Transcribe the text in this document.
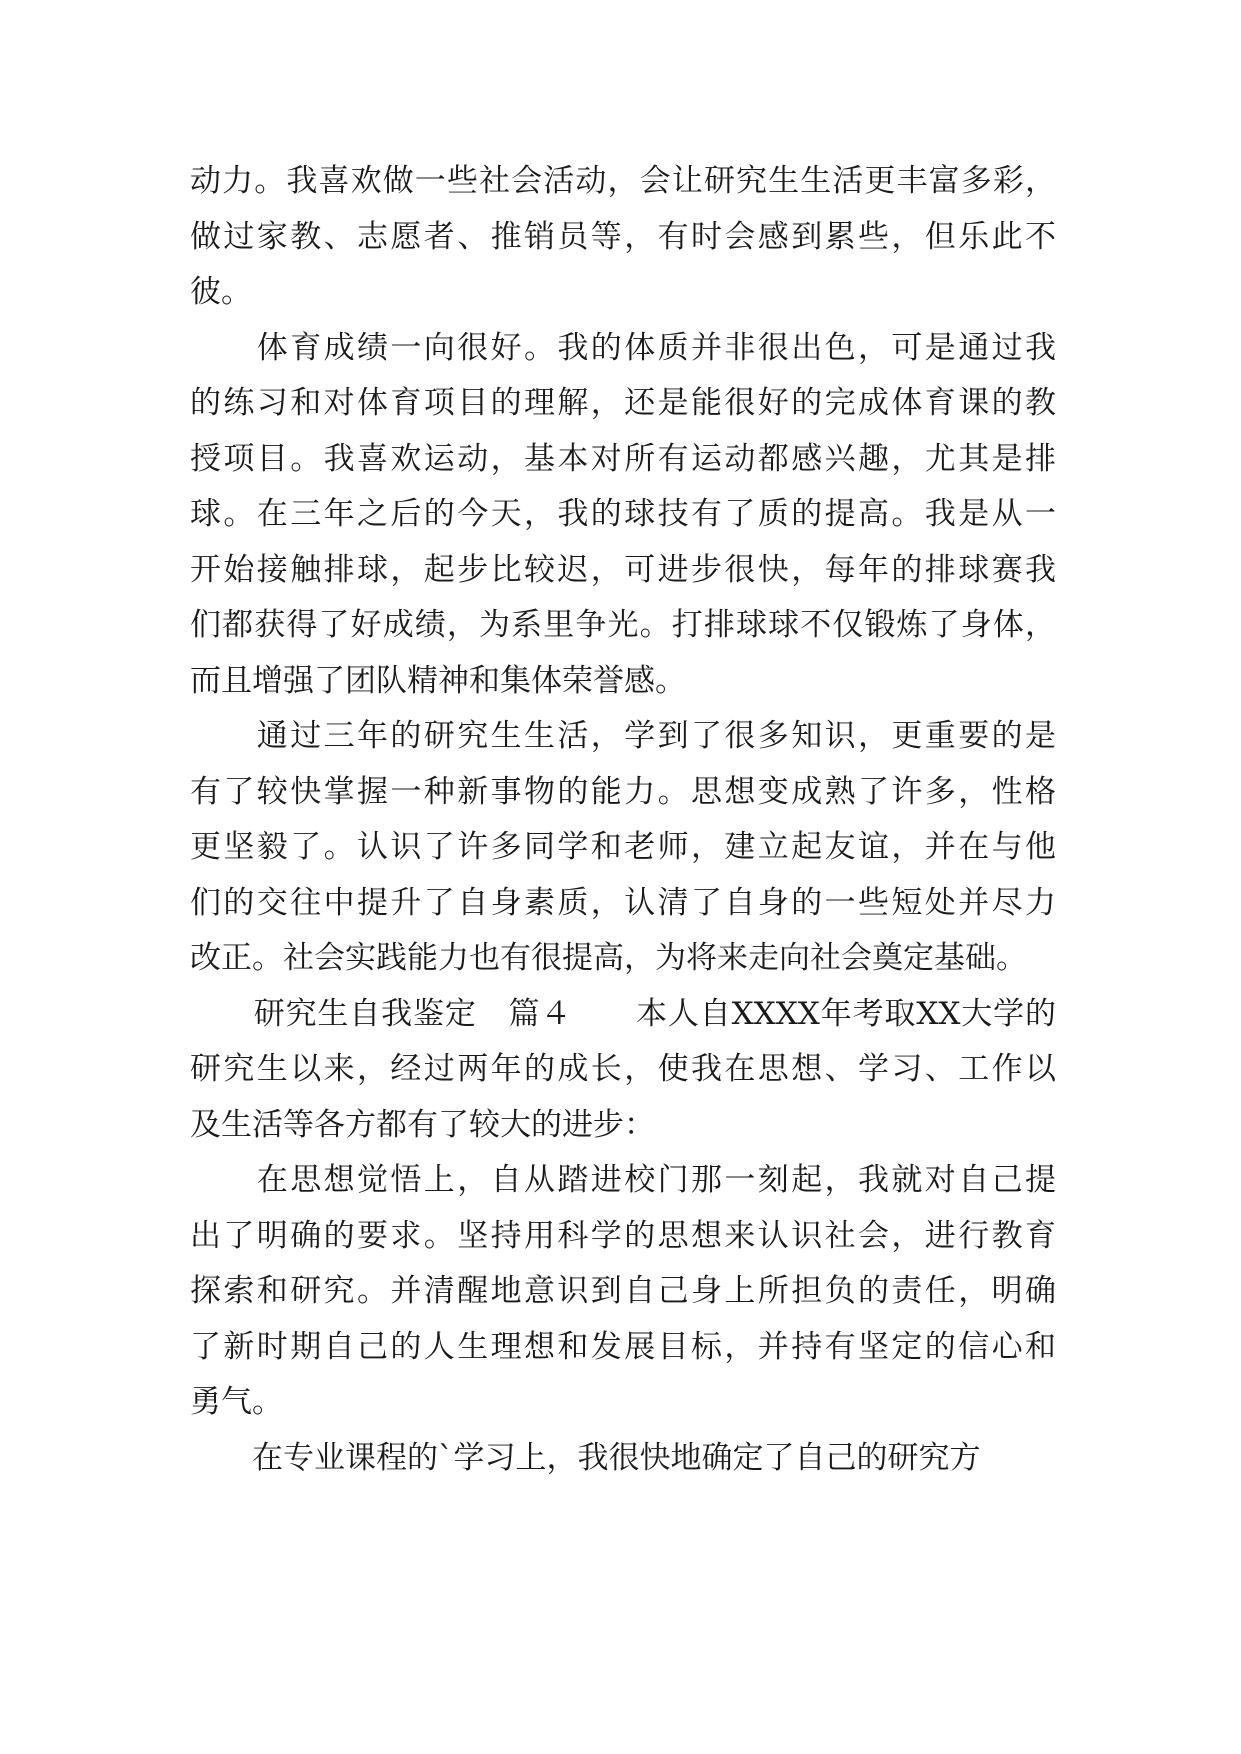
动力。我喜欢做一些社会活动，会让研究生生活更丰富多彩，
做过家教、志愿者、推销员等，有时会感到累些，但乐此不
彼。
　　体育成绩一向很好。我的体质并非很出色，可是通过我
的练习和对体育项目的理解，还是能很好的完成体育课的教
授项目。我喜欢运动，基本对所有运动都感兴趣，尤其是排
球。在三年之后的今天，我的球技有了质的提高。我是从一
开始接触排球，起步比较迟，可进步很快，每年的排球赛我
们都获得了好成绩，为系里争光。打排球球不仅锻炼了身体，
而且增强了团队精神和集体荣誉感。
　　通过三年的研究生生活，学到了很多知识，更重要的是
有了较快掌握一种新事物的能力。思想变成熟了许多，性格
更坚毅了。认识了许多同学和老师，建立起友谊，并在与他
们的交往中提升了自身素质，认清了自身的一些短处并尽力
改正。社会实践能力也有很提高，为将来走向社会奠定基础。
　　研究生自我鉴定　篇４　　本人自XXXX年考取XX大学的
研究生以来，经过两年的成长，使我在思想、学习、工作以
及生活等各方都有了较大的进步：
　　在思想觉悟上，自从踏进校门那一刻起，我就对自己提
出了明确的要求。坚持用科学的思想来认识社会，进行教育
探索和研究。并清醒地意识到自己身上所担负的责任，明确
了新时期自己的人生理想和发展目标，并持有坚定的信心和
勇气。
　　在专业课程的`学习上，我很快地确定了自己的研究方
